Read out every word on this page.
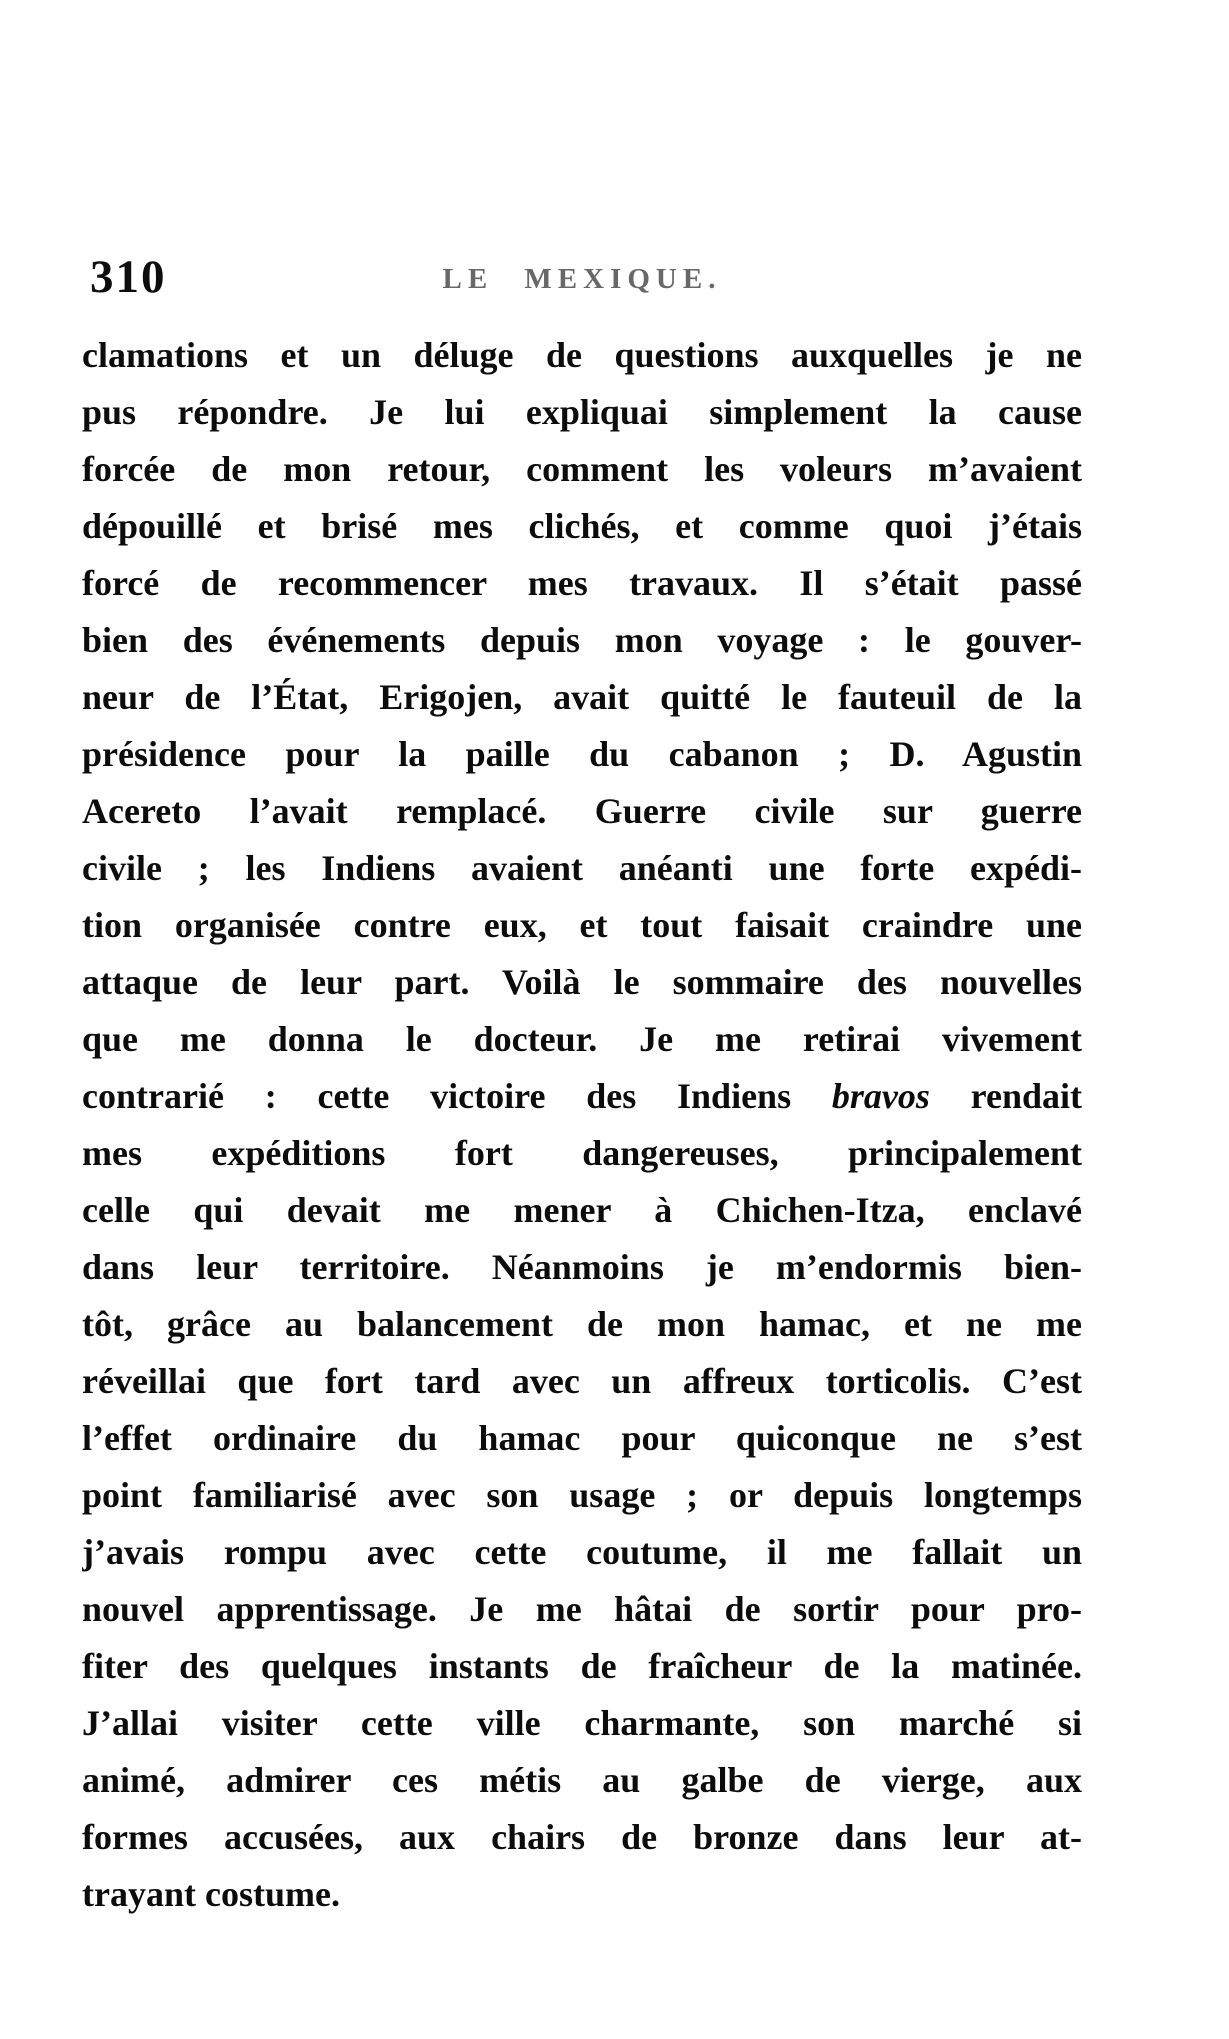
310	LE MEXIQUE.
clamations et un déluge de questions auxquelles je ne
pus répondre. Je lui expliquai simplement la cause
forcée de mon retour, comment les voleurs m’avaient
dépouillé et brisé mes clichés, et comme quoi j’étais
forcé de recommencer mes travaux. Il s’était passé
bien des événements depuis mon voyage : le gouver-
neur de l’État, Erigojen, avait quitté le fauteuil de la
présidence pour la paille du cabanon ; D. Agustin
Acereto l’avait remplacé. Guerre civile sur guerre
civile ; les Indiens avaient anéanti une forte expédi-
tion organisée contre eux, et tout faisait craindre une
attaque de leur part. Voilà le sommaire des nouvelles
que me donna le docteur. Je me retirai vivement
contrarié : cette victoire des Indiens bravos rendait
mes expéditions fort dangereuses, principalement
celle qui devait me mener à Chichen-Itza, enclavé
dans leur territoire. Néanmoins je m’endormis bien-
tôt, grâce au balancement de mon hamac, et ne me
réveillai que fort tard avec un affreux torticolis. C’est
l’effet ordinaire du hamac pour quiconque ne s’est
point familiarisé avec son usage ; or depuis longtemps
j’avais rompu avec cette coutume, il me fallait un
nouvel apprentissage. Je me hâtai de sortir pour pro-
fiter des quelques instants de fraîcheur de la matinée.
J’allai visiter cette ville charmante, son marché si
animé, admirer ces métis au galbe de vierge, aux
formes accusées, aux chairs de bronze dans leur at-
trayant costume.
